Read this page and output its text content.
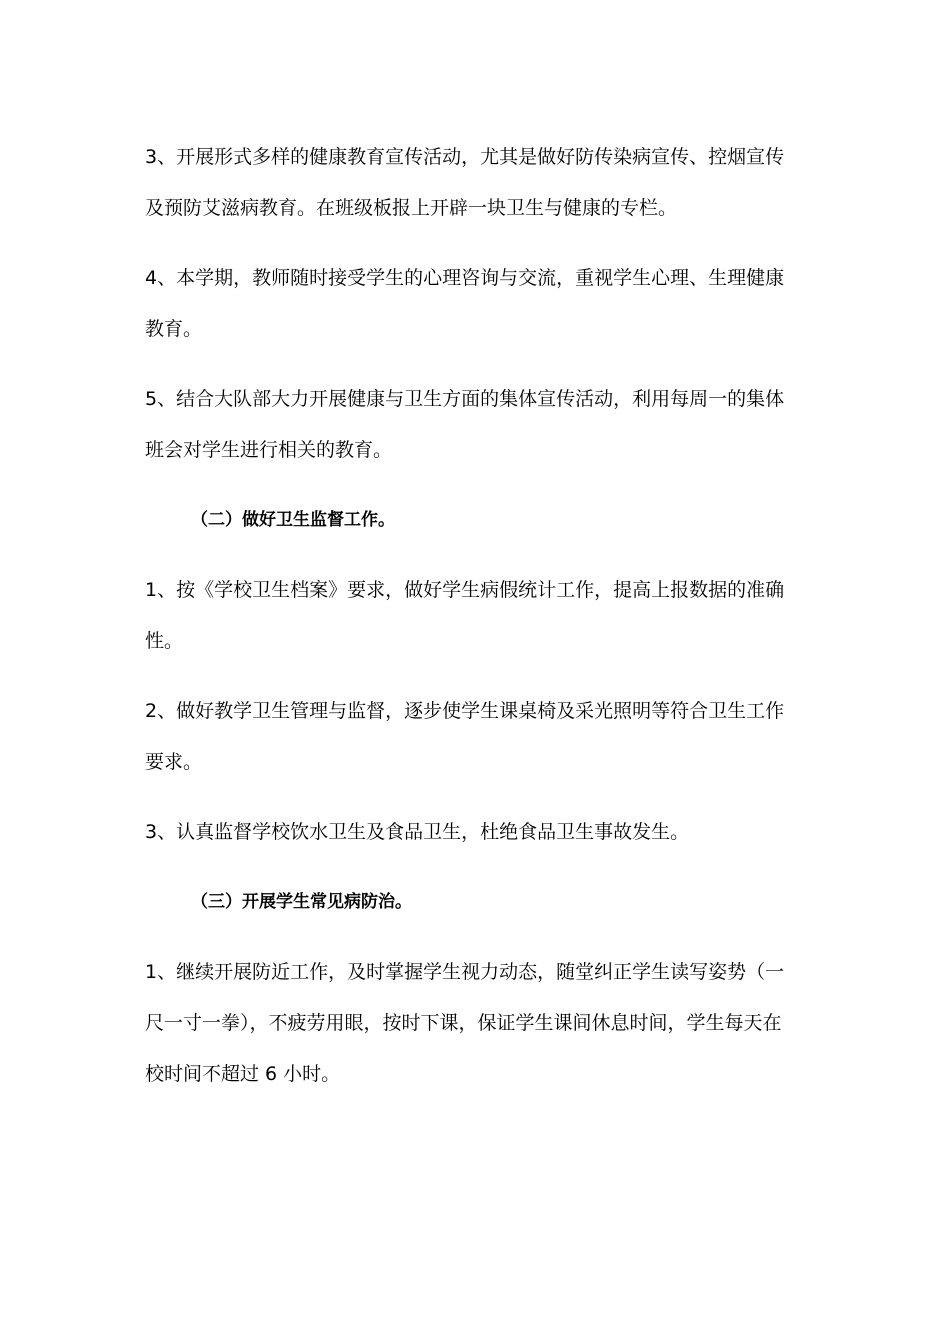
3、开展形式多样的健康教育宣传活动，尤其是做好防传染病宣传、控烟宣传
及预防艾滋病教育。在班级板报上开辟一块卫生与健康的专栏。

4、本学期，教师随时接受学生的心理咨询与交流，重视学生心理、生理健康
教育。

5、结合大队部大力开展健康与卫生方面的集体宣传活动，利用每周一的集体
班会对学生进行相关的教育。

（二）做好卫生监督工作。

1、按《学校卫生档案》要求，做好学生病假统计工作，提高上报数据的准确
性。

2、做好教学卫生管理与监督，逐步使学生课桌椅及采光照明等符合卫生工作
要求。

3、认真监督学校饮水卫生及食品卫生，杜绝食品卫生事故发生。

（三）开展学生常见病防治。

1、继续开展防近工作，及时掌握学生视力动态，随堂纠正学生读写姿势（一
尺一寸一拳），不疲劳用眼，按时下课，保证学生课间休息时间，学生每天在
校时间不超过 6 小时。
